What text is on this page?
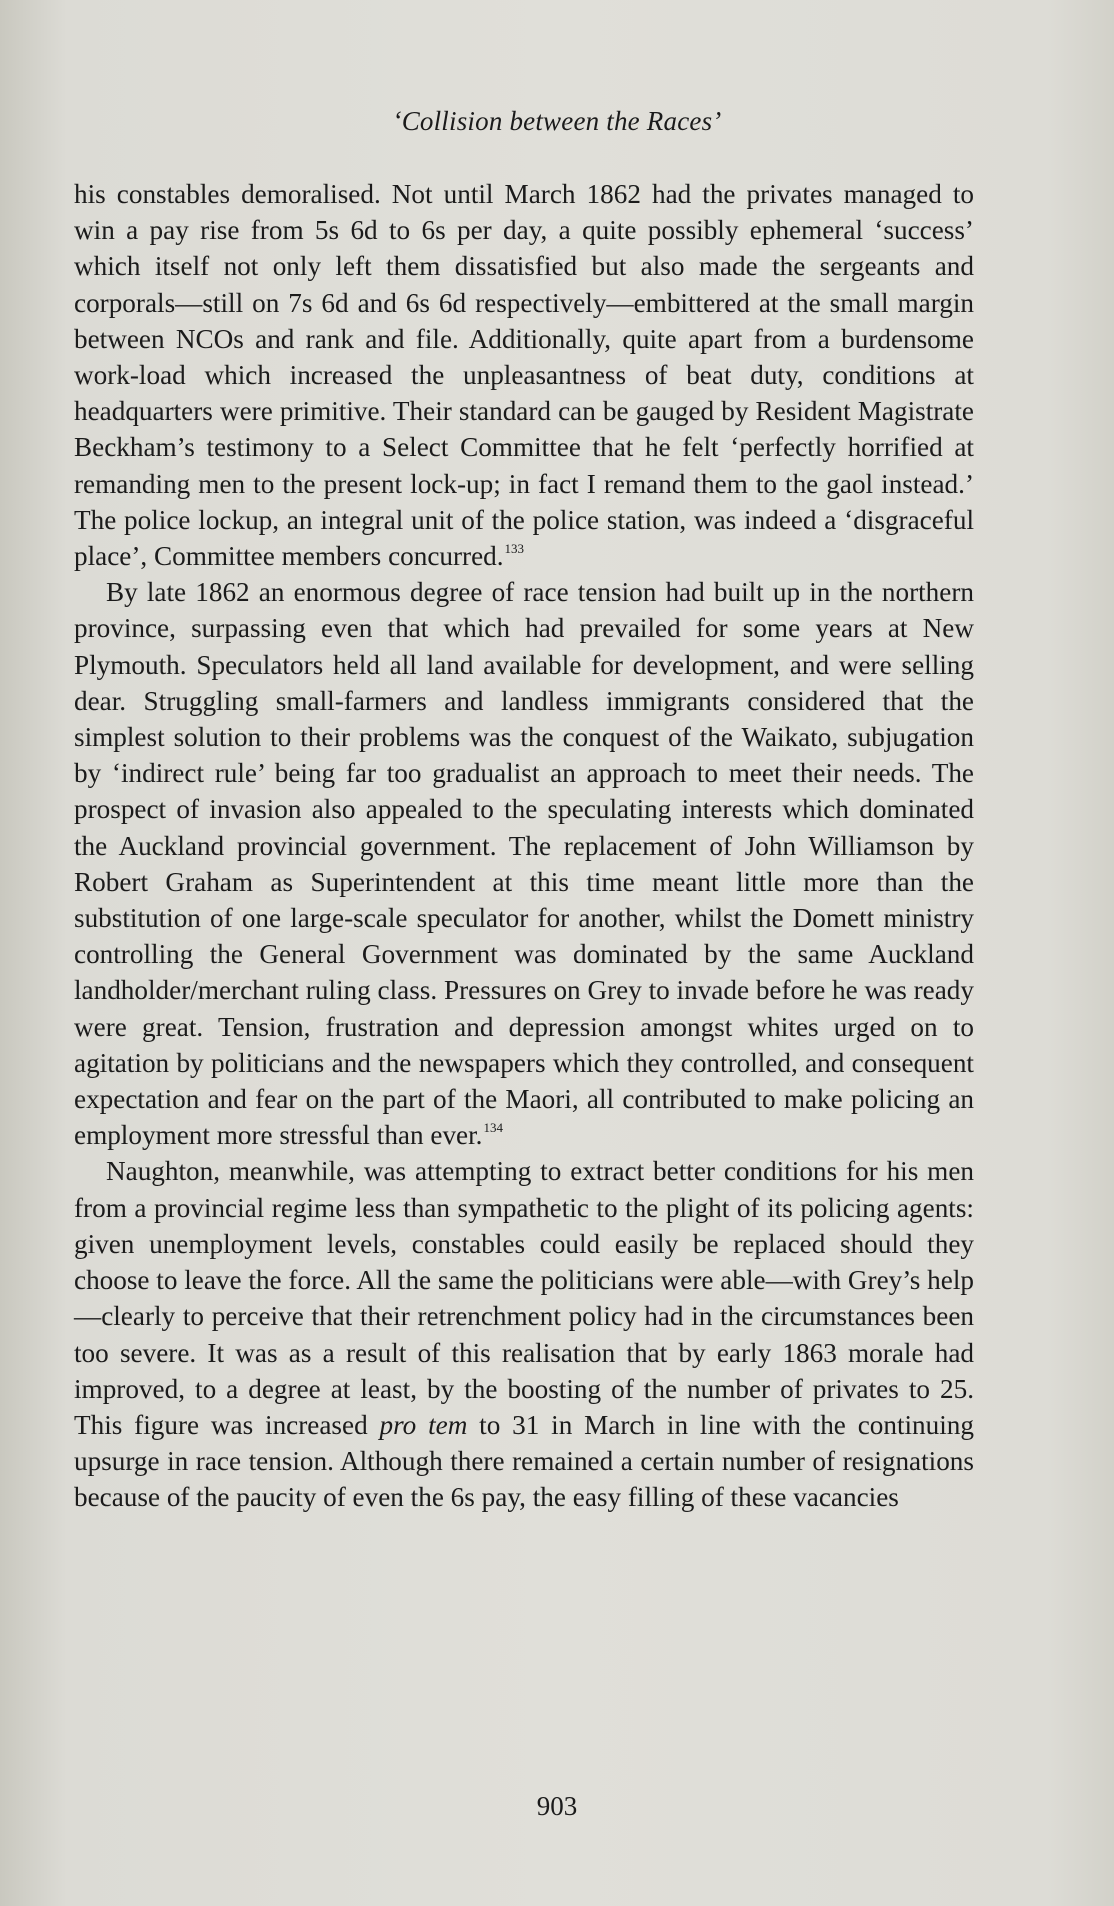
‘Collision between the Races’

his constables demoralised. Not until March 1862 had the privates managed to win a pay rise from 5s 6d to 6s per day, a quite possibly ephemeral ‘success’ which itself not only left them dissatisfied but also made the sergeants and corporals—still on 7s 6d and 6s 6d respectively—embittered at the small margin between NCOs and rank and file. Additionally, quite apart from a burdensome work-load which increased the unpleasantness of beat duty, conditions at headquarters were primitive. Their standard can be gauged by Resident Magistrate Beckham’s testimony to a Select Committee that he felt ‘perfectly horrified at remanding men to the present lock-up; in fact I remand them to the gaol instead.’ The police lockup, an integral unit of the police station, was indeed a ‘disgraceful place’, Committee members concurred.$^{133}$

By late 1862 an enormous degree of race tension had built up in the northern province, surpassing even that which had prevailed for some years at New Plymouth. Speculators held all land available for development, and were selling dear. Struggling small-farmers and landless immigrants considered that the simplest solution to their problems was the conquest of the Waikato, subjugation by ‘indirect rule’ being far too gradualist an approach to meet their needs. The prospect of invasion also appealed to the speculating interests which dominated the Auckland provincial government. The replacement of John Williamson by Robert Graham as Superintendent at this time meant little more than the substitution of one large-scale speculator for another, whilst the Domett ministry controlling the General Government was dominated by the same Auckland landholder/merchant ruling class. Pressures on Grey to invade before he was ready were great. Tension, frustration and depression amongst whites urged on to agitation by politicians and the newspapers which they controlled, and consequent expectation and fear on the part of the Maori, all contributed to make policing an employment more stressful than ever.$^{134}$

Naughton, meanwhile, was attempting to extract better conditions for his men from a provincial regime less than sympathetic to the plight of its policing agents: given unemployment levels, constables could easily be replaced should they choose to leave the force. All the same the politicians were able—with Grey’s help—clearly to perceive that their retrenchment policy had in the circumstances been too severe. It was as a result of this realisation that by early 1863 morale had improved, to a degree at least, by the boosting of the number of privates to 25. This figure was increased pro tem to 31 in March in line with the continuing upsurge in race tension. Although there remained a certain number of resignations because of the paucity of even the 6s pay, the easy filling of these vacancies

903
